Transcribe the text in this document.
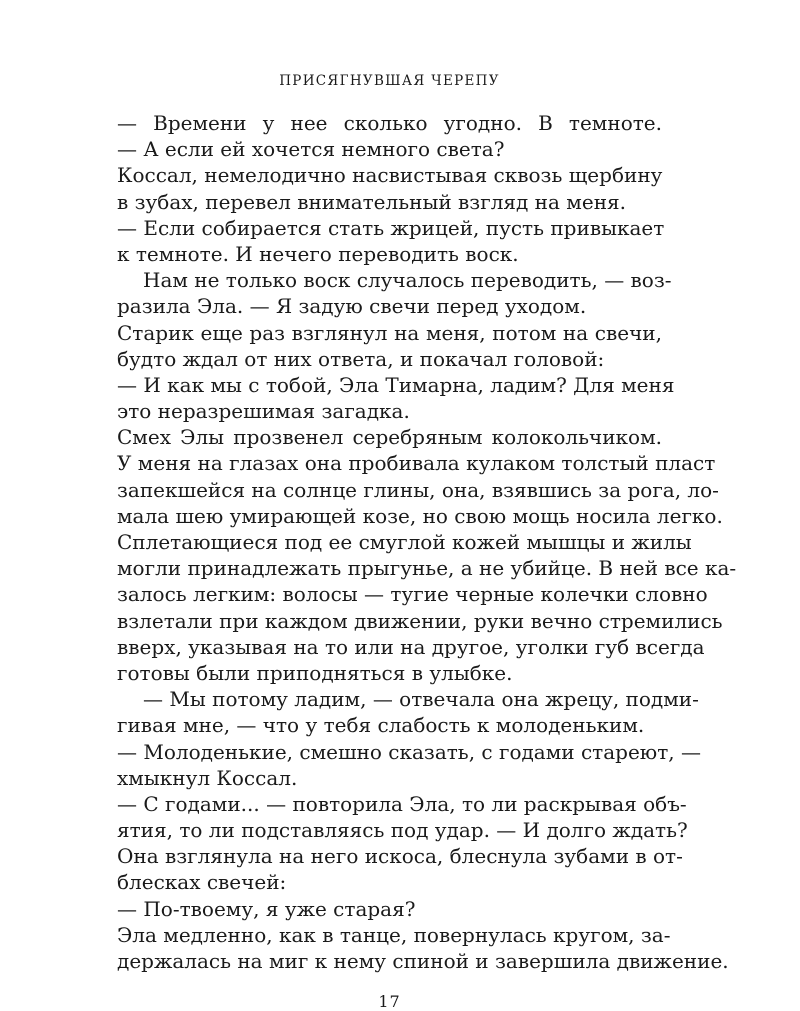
ПРИСЯГНУВШАЯ ЧЕРЕПУ
— Времени у нее сколько угодно. В темноте.
— А если ей хочется немного света?
Коссал, немелодично насвистывая сквозь щербину
в зубах, перевел внимательный взгляд на меня.
— Если собирается стать жрицей, пусть привыкает
к темноте. И нечего переводить воск.
Нам не только воск случалось переводить, — воз-
разила Эла. — Я задую свечи перед уходом.
Старик еще раз взглянул на меня, потом на свечи,
будто ждал от них ответа, и покачал головой:
— И как мы с тобой, Эла Тимарна, ладим? Для меня
это неразрешимая загадка.
Смех Элы прозвенел серебряным колокольчиком.
У меня на глазах она пробивала кулаком толстый пласт
запекшейся на солнце глины, она, взявшись за рога, ло-
мала шею умирающей козе, но свою мощь носила легко.
Сплетающиеся под ее смуглой кожей мышцы и жилы
могли принадлежать прыгунье, а не убийце. В ней все ка-
залось легким: волосы — тугие черные колечки словно
взлетали при каждом движении, руки вечно стремились
вверх, указывая на то или на другое, уголки губ всегда
готовы были приподняться в улыбке.
— Мы потому ладим, — отвечала она жрецу, подми-
гивая мне, — что у тебя слабость к молоденьким.
— Молоденькие, смешно сказать, с годами стареют, —
хмыкнул Коссал.
— С годами... — повторила Эла, то ли раскрывая объ-
ятия, то ли подставляясь под удар. — И долго ждать?
Она взглянула на него искоса, блеснула зубами в от-
блесках свечей:
— По-твоему, я уже старая?
Эла медленно, как в танце, повернулась кругом, за-
держалась на миг к нему спиной и завершила движение.
17
